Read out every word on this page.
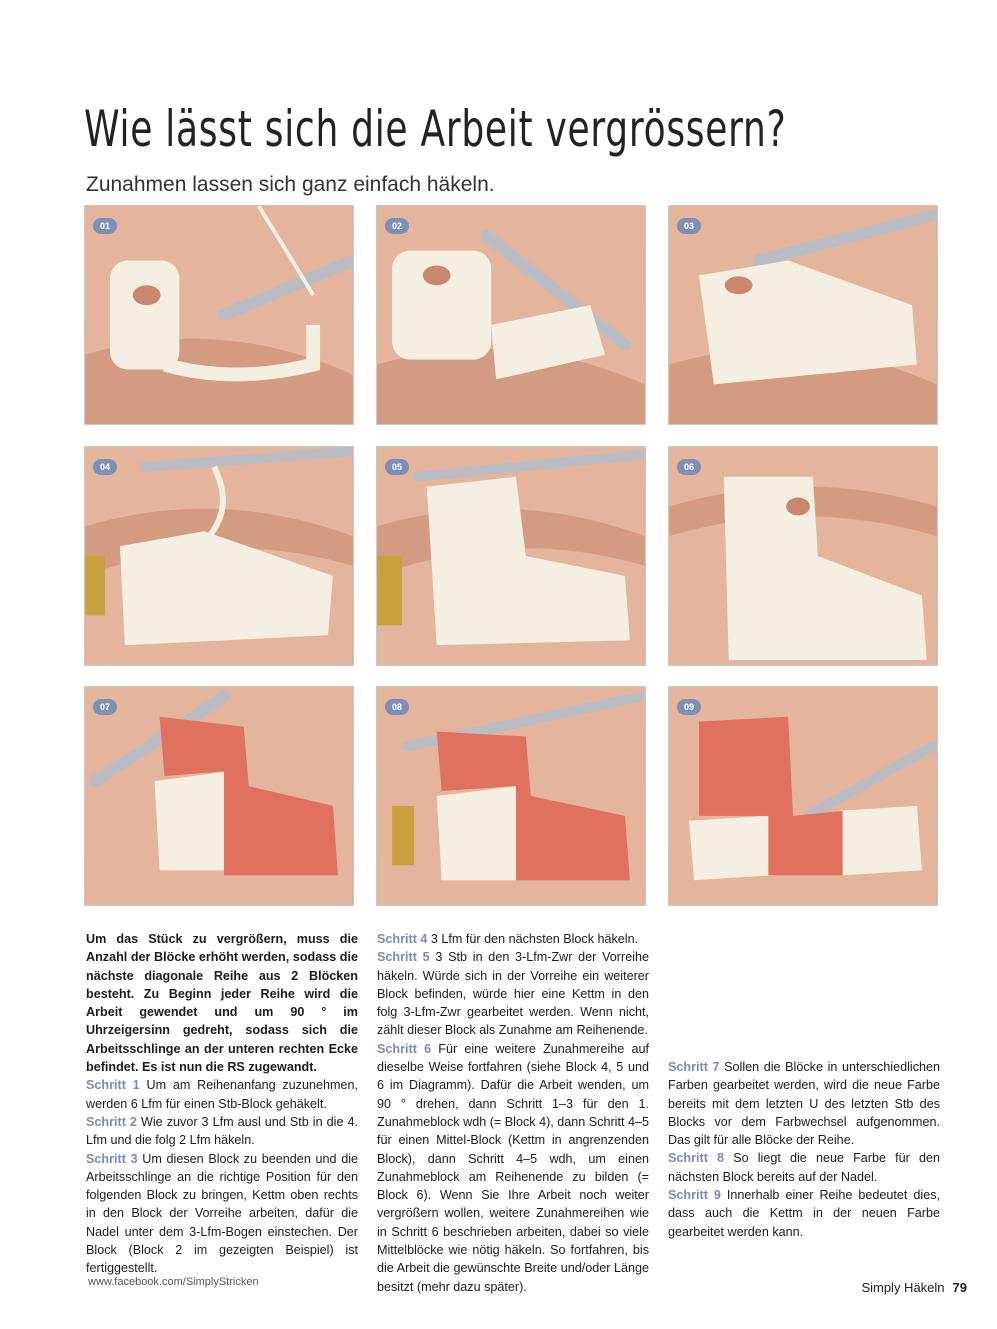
Wie lässt sich die Arbeit vergrössern?
Zunahmen lassen sich ganz einfach häkeln.
01	02	03
04	05	06
07	08	09

Um das Stück zu vergrößern, muss die Anzahl der Blöcke erhöht werden, sodass die nächste diagonale Reihe aus 2 Blöcken besteht. Zu Beginn jeder Reihe wird die Arbeit gewendet und um 90 ° im Uhrzeigersinn gedreht, sodass sich die Arbeitsschlinge an der unteren rechten Ecke befindet. Es ist nun die RS zugewandt.

Schritt 1 Um am Reihenanfang zuzunehmen, werden 6 Lfm für einen Stb-Block gehäkelt.

Schritt 2 Wie zuvor 3 Lfm ausl und Stb in die 4. Lfm und die folg 2 Lfm häkeln.

Schritt 3 Um diesen Block zu beenden und die Arbeitsschlinge an die richtige Position für den folgenden Block zu bringen, Kettm oben rechts in den Block der Vorreihe arbeiten, dafür die Nadel unter dem 3-Lfm-Bogen einstechen. Der Block (Block 2 im gezeigten Beispiel) ist fertiggestellt.

Schritt 4 3 Lfm für den nächsten Block häkeln.

Schritt 5 3 Stb in den 3-Lfm-Zwr der Vorreihe häkeln. Würde sich in der Vorreihe ein weiterer Block befinden, würde hier eine Kettm in den folg 3-Lfm-Zwr gearbeitet werden. Wenn nicht, zählt dieser Block als Zunahme am Reihenende.

Schritt 6 Für eine weitere Zunahmereihe auf dieselbe Weise fortfahren (siehe Block 4, 5 und 6 im Diagramm). Dafür die Arbeit wenden, um 90 ° drehen, dann Schritt 1–3 für den 1. Zunahmeblock wdh (= Block 4), dann Schritt 4–5 für einen Mittel-Block (Kettm in angrenzenden Block), dann Schritt 4–5 wdh, um einen Zunahmeblock am Reihenende zu bilden (= Block 6). Wenn Sie Ihre Arbeit noch weiter vergrößern wollen, weitere Zunahmereihen wie in Schritt 6 beschrieben arbeiten, dabei so viele Mittelblöcke wie nötig häkeln. So fortfahren, bis die Arbeit die gewünschte Breite und/oder Länge besitzt (mehr dazu später).

Schritt 7 Sollen die Blöcke in unterschiedlichen Farben gearbeitet werden, wird die neue Farbe bereits mit dem letzten U des letzten Stb des Blocks vor dem Farbwechsel aufgenommen. Das gilt für alle Blöcke der Reihe.

Schritt 8 So liegt die neue Farbe für den nächsten Block bereits auf der Nadel.

Schritt 9 Innerhalb einer Reihe bedeutet dies, dass auch die Kettm in der neuen Farbe gearbeitet werden kann.

www.facebook.com/SimplyStricken	Simply Häkeln 79
